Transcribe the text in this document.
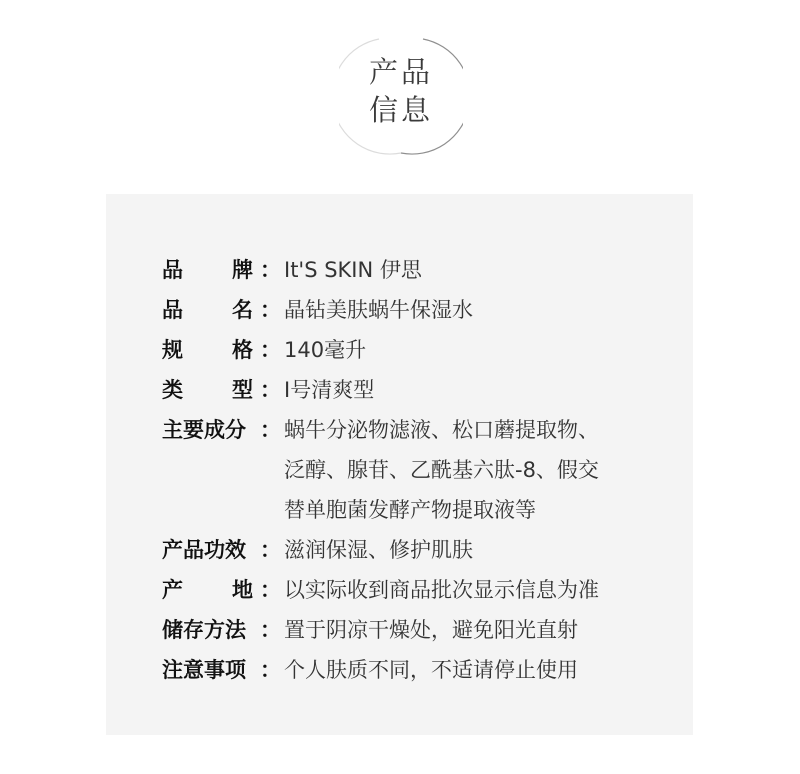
产品
信息
品 牌 ： It'S SKIN 伊思
品 名 ： 晶钻美肤蜗牛保湿水
规 格 ： 140毫升
类 型 ： I号清爽型
主要成分 ： 蜗牛分泌物滤液、松口蘑提取物、
泛醇、腺苷、乙酰基六肽-8、假交
替单胞菌发酵产物提取液等
产品功效 ： 滋润保湿、修护肌肤
产 地 ： 以实际收到商品批次显示信息为准
储存方法 ： 置于阴凉干燥处，避免阳光直射
注意事项 ： 个人肤质不同，不适请停止使用
